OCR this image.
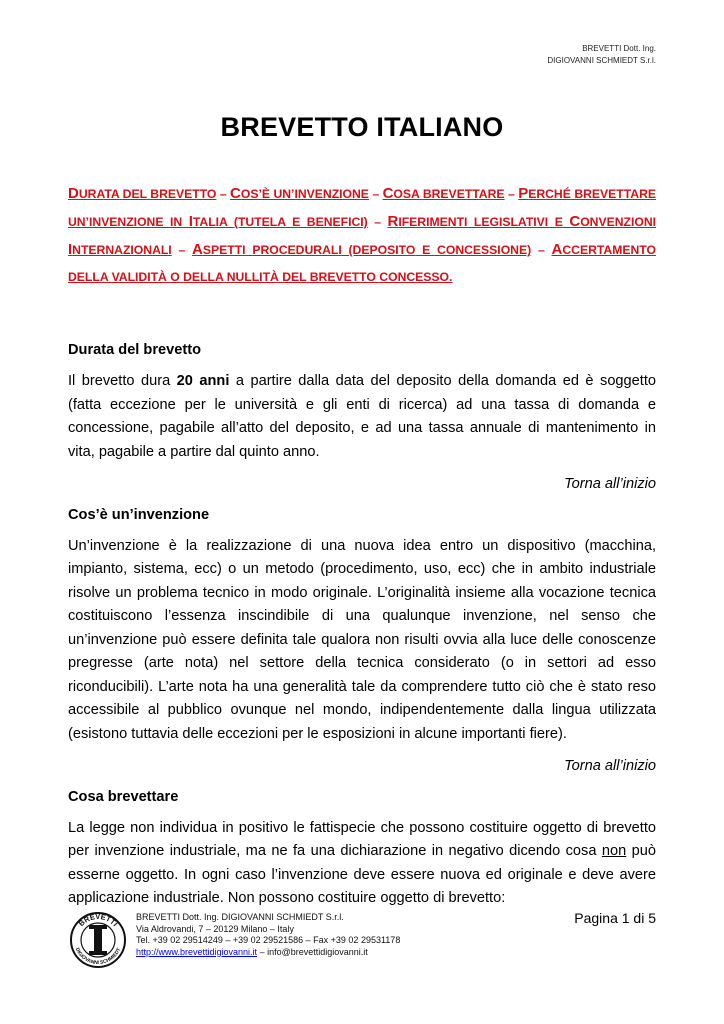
BREVETTI Dott. Ing.
DIGIOVANNI SCHMIEDT S.r.l.
BREVETTO ITALIANO
DURATA DEL BREVETTO – COS’È UN’INVENZIONE – COSA BREVETTARE – PERCHÉ BREVETTARE UN’INVENZIONE IN ITALIA (TUTELA E BENEFICI) – RIFERIMENTI LEGISLATIVI E CONVENZIONI INTERNAZIONALI – ASPETTI PROCEDURALI (DEPOSITO E CONCESSIONE) – ACCERTAMENTO DELLA VALIDITÀ O DELLA NULLITÀ DEL BREVETTO CONCESSO.
Durata del brevetto

Il brevetto dura 20 anni a partire dalla data del deposito della domanda ed è soggetto (fatta eccezione per le università e gli enti di ricerca) ad una tassa di domanda e concessione, pagabile all’atto del deposito, e ad una tassa annuale di mantenimento in vita, pagabile a partire dal quinto anno.

Torna all’inizio
Cos’è un’invenzione

Un’invenzione è la realizzazione di una nuova idea entro un dispositivo (macchina, impianto, sistema, ecc) o un metodo (procedimento, uso, ecc) che in ambito industriale risolve un problema tecnico in modo originale. L’originalità insieme alla vocazione tecnica costituiscono l’essenza inscindibile di una qualunque invenzione, nel senso che un’invenzione può essere definita tale qualora non risulti ovvia alla luce delle conoscenze pregresse (arte nota) nel settore della tecnica considerato (o in settori ad esso riconducibili). L’arte nota ha una generalità tale da comprendere tutto ciò che è stato reso accessibile al pubblico ovunque nel mondo, indipendentemente dalla lingua utilizzata (esistono tuttavia delle eccezioni per le esposizioni in alcune importanti fiere).

Torna all’inizio
Cosa brevettare

La legge non individua in positivo le fattispecie che possono costituire oggetto di brevetto per invenzione industriale, ma ne fa una dichiarazione in negativo dicendo cosa non può esserne oggetto. In ogni caso l’invenzione deve essere nuova ed originale e deve avere applicazione industriale. Non possono costituire oggetto di brevetto:

BREVETTI
DIGIOVANNI SCHMIEDT
BREVETTI Dott. Ing. DIGIOVANNI SCHMIEDT S.r.l.
Via Aldrovandi, 7 – 20129 Milano – Italy
Tel. +39 02 29514249 – +39 02 29521586 – Fax +39 02 29531178
http://www.brevettidigiovanni.it – info@brevettidigiovanni.it
Pagina 1 di 5
